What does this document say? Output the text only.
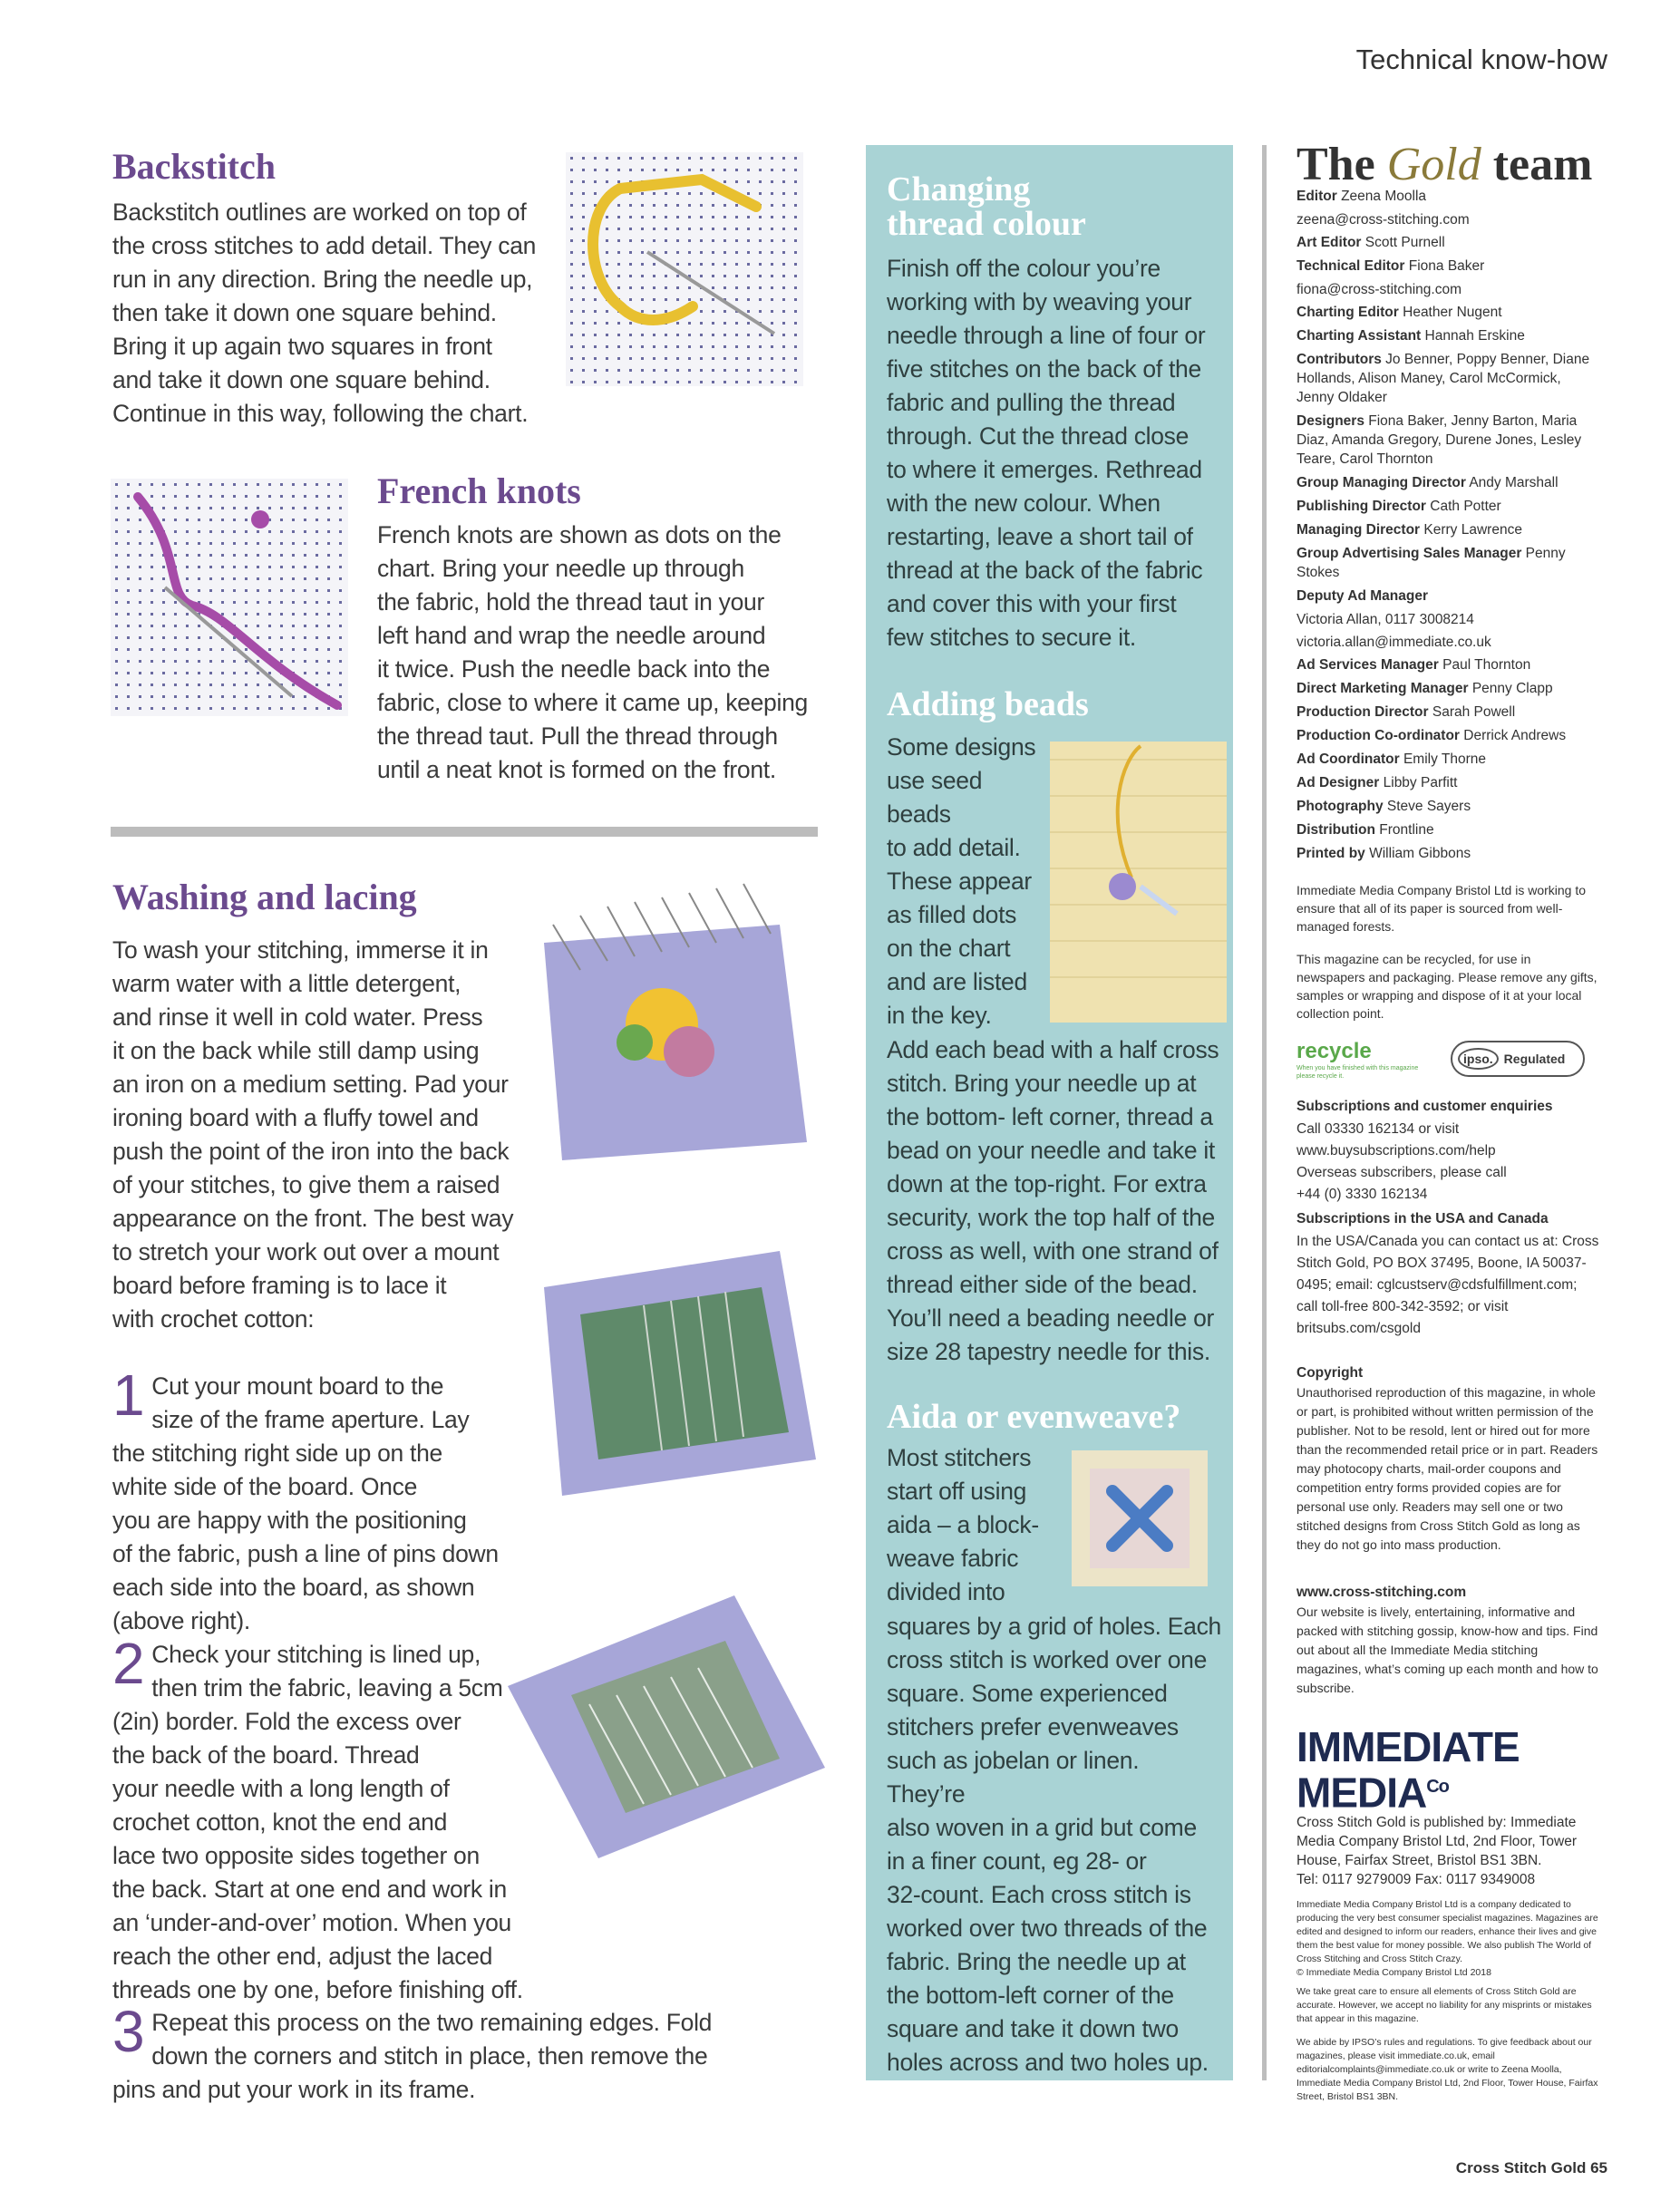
Technical know-how
Backstitch
Backstitch outlines are worked on top of
the cross stitches to add detail. They can
run in any direction. Bring the needle up,
then take it down one square behind.
Bring it up again two squares in front
and take it down one square behind.
Continue in this way, following the chart.
French knots
French knots are shown as dots on the
chart. Bring your needle up through
the fabric, hold the thread taut in your
left hand and wrap the needle around
it twice. Push the needle back into the
fabric, close to where it came up, keeping
the thread taut. Pull the thread through
until a neat knot is formed on the front.
Washing and lacing
To wash your stitching, immerse it in
warm water with a little detergent,
and rinse it well in cold water. Press
it on the back while still damp using
an iron on a medium setting. Pad your
ironing board with a fluffy towel and
push the point of the iron into the back
of your stitches, to give them a raised
appearance on the front. The best way
to stretch your work out over a mount
board before framing is to lace it
with crochet cotton:

1 Cut your mount board to the
size of the frame aperture. Lay
the stitching right side up on the
white side of the board. Once
you are happy with the positioning
of the fabric, push a line of pins down
each side into the board, as shown
(above right).

2 Check your stitching is lined up,
then trim the fabric, leaving a 5cm
(2in) border. Fold the excess over
the back of the board. Thread
your needle with a long length of
crochet cotton, knot the end and
lace two opposite sides together on
the back. Start at one end and work in
an ‘under-and-over’ motion. When you
reach the other end, adjust the laced
threads one by one, before finishing off.

3 Repeat this process on the two remaining edges. Fold
down the corners and stitch in place, then remove the
pins and put your work in its frame.

Changing
thread colour
Finish off the colour you’re
working with by weaving your
needle through a line of four or
five stitches on the back of the
fabric and pulling the thread
through. Cut the thread close
to where it emerges. Rethread
with the new colour. When
restarting, leave a short tail of
thread at the back of the fabric
and cover this with your first
few stitches to secure it.
Adding beads
Some designs
use seed
beads
to add detail.
These appear
as filled dots
on the chart
and are listed
in the key.
Add each bead with a half cross
stitch. Bring your needle up at
the bottom- left corner, thread a
bead on your needle and take it
down at the top-right. For extra
security, work the top half of the
cross as well, with one strand of
thread either side of the bead.
You’ll need a beading needle or
size 28 tapestry needle for this.
Aida or evenweave?
Most stitchers
start off using
aida – a block-
weave fabric
divided into
squares by a grid of holes. Each
cross stitch is worked over one
square. Some experienced
stitchers prefer evenweaves
such as jobelan or linen. They’re
also woven in a grid but come
in a finer count, eg 28- or
32-count. Each cross stitch is
worked over two threads of the
fabric. Bring the needle up at
the bottom-left corner of the
square and take it down two
holes across and two holes up.
The Gold team
Editor Zeena Moolla
zeena@cross-stitching.com
Art Editor Scott Purnell
Technical Editor Fiona Baker
fiona@cross-stitching.com
Charting Editor Heather Nugent
Charting Assistant Hannah Erskine
Contributors Jo Benner, Poppy Benner, Diane Hollands, Alison Maney, Carol McCormick, Jenny Oldaker
Designers Fiona Baker, Jenny Barton, Maria Diaz, Amanda Gregory, Durene Jones, Lesley Teare, Carol Thornton
Group Managing Director Andy Marshall
Publishing Director Cath Potter
Managing Director Kerry Lawrence
Group Advertising Sales Manager Penny Stokes
Deputy Ad Manager
Victoria Allan, 0117 3008214
victoria.allan@immediate.co.uk
Ad Services Manager Paul Thornton
Direct Marketing Manager Penny Clapp
Production Director Sarah Powell
Production Co-ordinator Derrick Andrews
Ad Coordinator Emily Thorne
Ad Designer Libby Parfitt
Photography Steve Sayers
Distribution Frontline
Printed by William Gibbons
Immediate Media Company Bristol Ltd is working to ensure that all of its paper is sourced from well-managed forests.
This magazine can be recycled, for use in newspapers and packaging. Please remove any gifts, samples or wrapping and dispose of it at your local collection point.
recycle
When you have finished with this magazine please recycle it.
ipso. Regulated
Subscriptions and customer enquiries
Call 03330 162134 or visit
www.buysubscriptions.com/help
Overseas subscribers, please call
+44 (0) 3330 162134
Subscriptions in the USA and Canada
In the USA/Canada you can contact us at: Cross Stitch Gold, PO BOX 37495, Boone, IA 50037-0495; email: cglcustserv@cdsfulfillment.com; call toll-free 800-342-3592; or visit britsubs.com/csgold
Copyright
Unauthorised reproduction of this magazine, in whole or part, is prohibited without written permission of the publisher. Not to be resold, lent or hired out for more than the recommended retail price or in part. Readers may photocopy charts, mail-order coupons and competition entry forms provided copies are for personal use only. Readers may sell one or two stitched designs from Cross Stitch Gold as long as they do not go into mass production.
www.cross-stitching.com
Our website is lively, entertaining, informative and packed with stitching gossip, know-how and tips. Find out about all the Immediate Media stitching magazines, what’s coming up each month and how to subscribe.
IMMEDIATE
$MEDIA^{Co}$
Cross Stitch Gold is published by: Immediate Media Company Bristol Ltd, 2nd Floor, Tower House, Fairfax Street, Bristol BS1 3BN.
Tel: 0117 9279009 Fax: 0117 9349008
Immediate Media Company Bristol Ltd is a company dedicated to producing the very best consumer specialist magazines. Magazines are edited and designed to inform our readers, enhance their lives and give them the best value for money possible. We also publish The World of Cross Stitching and Cross Stitch Crazy.
© Immediate Media Company Bristol Ltd 2018
We take great care to ensure all elements of Cross Stitch Gold are accurate. However, we accept no liability for any misprints or mistakes that appear in this magazine.
We abide by IPSO’s rules and regulations. To give feedback about our magazines, please visit immediate.co.uk, email editorialcomplaints@immediate.co.uk or write to Zeena Moolla, Immediate Media Company Bristol Ltd, 2nd Floor, Tower House, Fairfax Street, Bristol BS1 3BN.
Cross Stitch Gold 65
